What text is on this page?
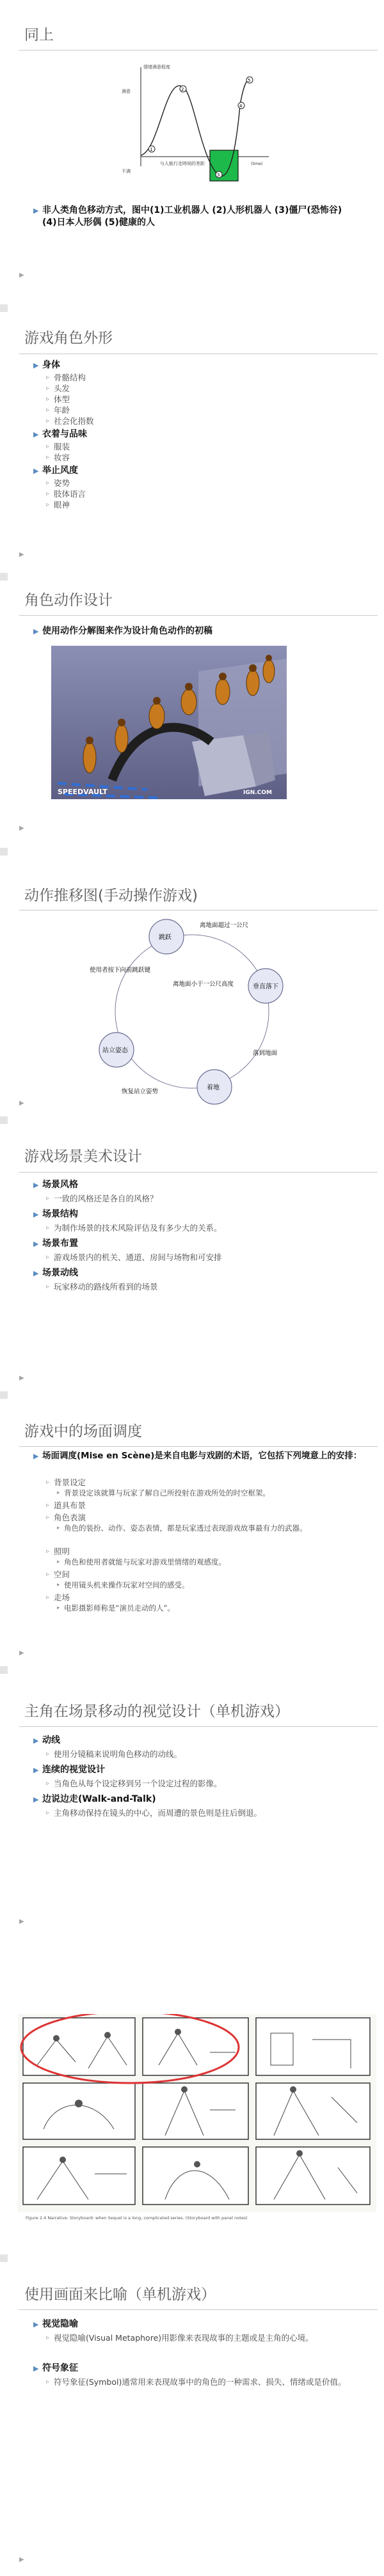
同上
1
2
3
4
5
情绪满意程度
满意
不满
与人能行走時间的差距	(time)
▶ 非人类角色移动方式，图中(1)工业机器人 (2)人形机器人 (3)僵尸(恐怖谷) (4)日本人形偶 (5)健康的人
▶
游戏角色外形
▶ 身体
▹ 骨骼结构
▹ 头发
▹ 体型
▹ 年龄
▹ 社会化指数
▶ 衣着与品味
▹ 服装
▹ 妆容
▶ 举止风度
▹ 姿势
▹ 肢体语言
▹ 眼神
▶
角色动作设计
▶ 使用动作分解图来作为设计角色动作的初稿
SPEEDVAULT	IGN.COM
▶
动作推移图(手动操作游戏)
跳跃
垂直落下
着地
站立姿态
离地面超过一公尺
离地面小于一公尺高度
落到地面
恢复站立姿势
使用者按下向前跳跃键
▶
游戏场景美术设计
▶ 场景风格
▹ 一致的风格还是各自的风格？
▶ 场景结构
▹ 为制作场景的技术风险评估及有多少大的关系。
▶ 场景布置
▹ 游戏场景内的机关、通道、房间与场物和可安排
▶ 场景动线
▹ 玩家移动的路线所看到的场景
▶
游戏中的场面调度
▶ 场面调度(Mise en Scène)是来自电影与戏剧的术语，它包括下列境意上的安排：
▹ 背景设定
▸ 背景设定该就算与玩家了解自己所投射在游戏所处的时空框架。
▹ 道具布景
▹ 角色表演
▸ 角色的装扮、动作、姿态表情，都是玩家透过表现游戏故事最有力的武器。
▹ 照明
▸ 角色和使用者就能与玩家对游戏里情绪的观感度。
▹ 空间
▸ 使用镜头机来操作玩家对空间的感受。
▹ 走场
▸ 电影摄影师称是“演员走动的人”。
▶
主角在场景移动的视觉设计（单机游戏）
▶ 动线
▹ 使用分镜稿来说明角色移动的动线。
▶ 连续的视觉设计
▹ 当角色从每个设定移到另一个设定过程的影像。
▶ 边说边走(Walk-and-Talk)
▹ 主角移动保持在镜头的中心，而周遭的景色则是往后倒退。
▶
Figure 2.4 Narrative: Storyboard: when Sequel is a long, complicated series. (Storyboard with panel notes)
使用画面来比喻（单机游戏）
▶ 视觉隐喻
▹ 视觉隐喻(Visual Metaphore)用影像来表现故事的主题或是主角的心境。
▶ 符号象征
▹ 符号象征(Symbol)通常用来表现故事中的角色的一种需求、损失、情绪或是价值。
▶
